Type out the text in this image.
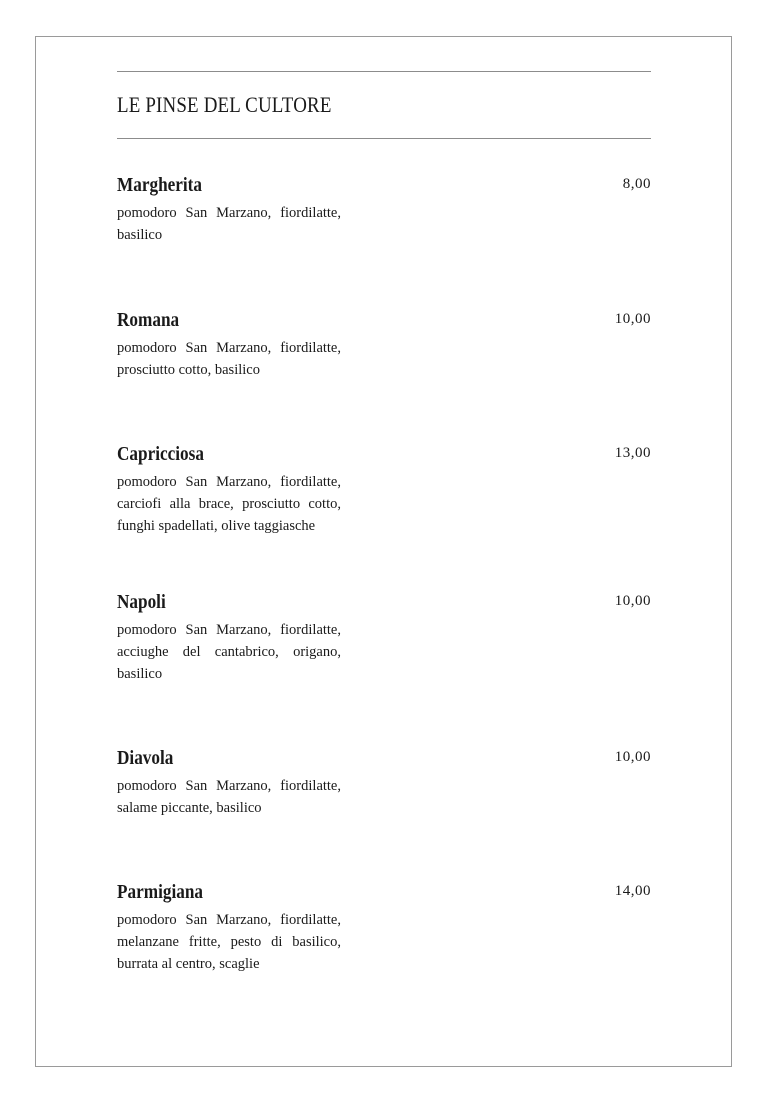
LE PINSE DEL CULTORE
Margherita
pomodoro San Marzano, fiordilatte, basilico
8,00
Romana
pomodoro San Marzano, fiordilatte, prosciutto cotto, basilico
10,00
Capricciosa
pomodoro San Marzano, fiordilatte, carciofi alla brace, prosciutto cotto, funghi spadellati, olive taggiasche
13,00
Napoli
pomodoro San Marzano, fiordilatte, acciughe del cantabrico, origano, basilico
10,00
Diavola
pomodoro San Marzano, fiordilatte, salame piccante, basilico
10,00
Parmigiana
pomodoro San Marzano, fiordilatte, melanzane fritte, pesto di basilico, burrata al centro, scaglie
14,00
